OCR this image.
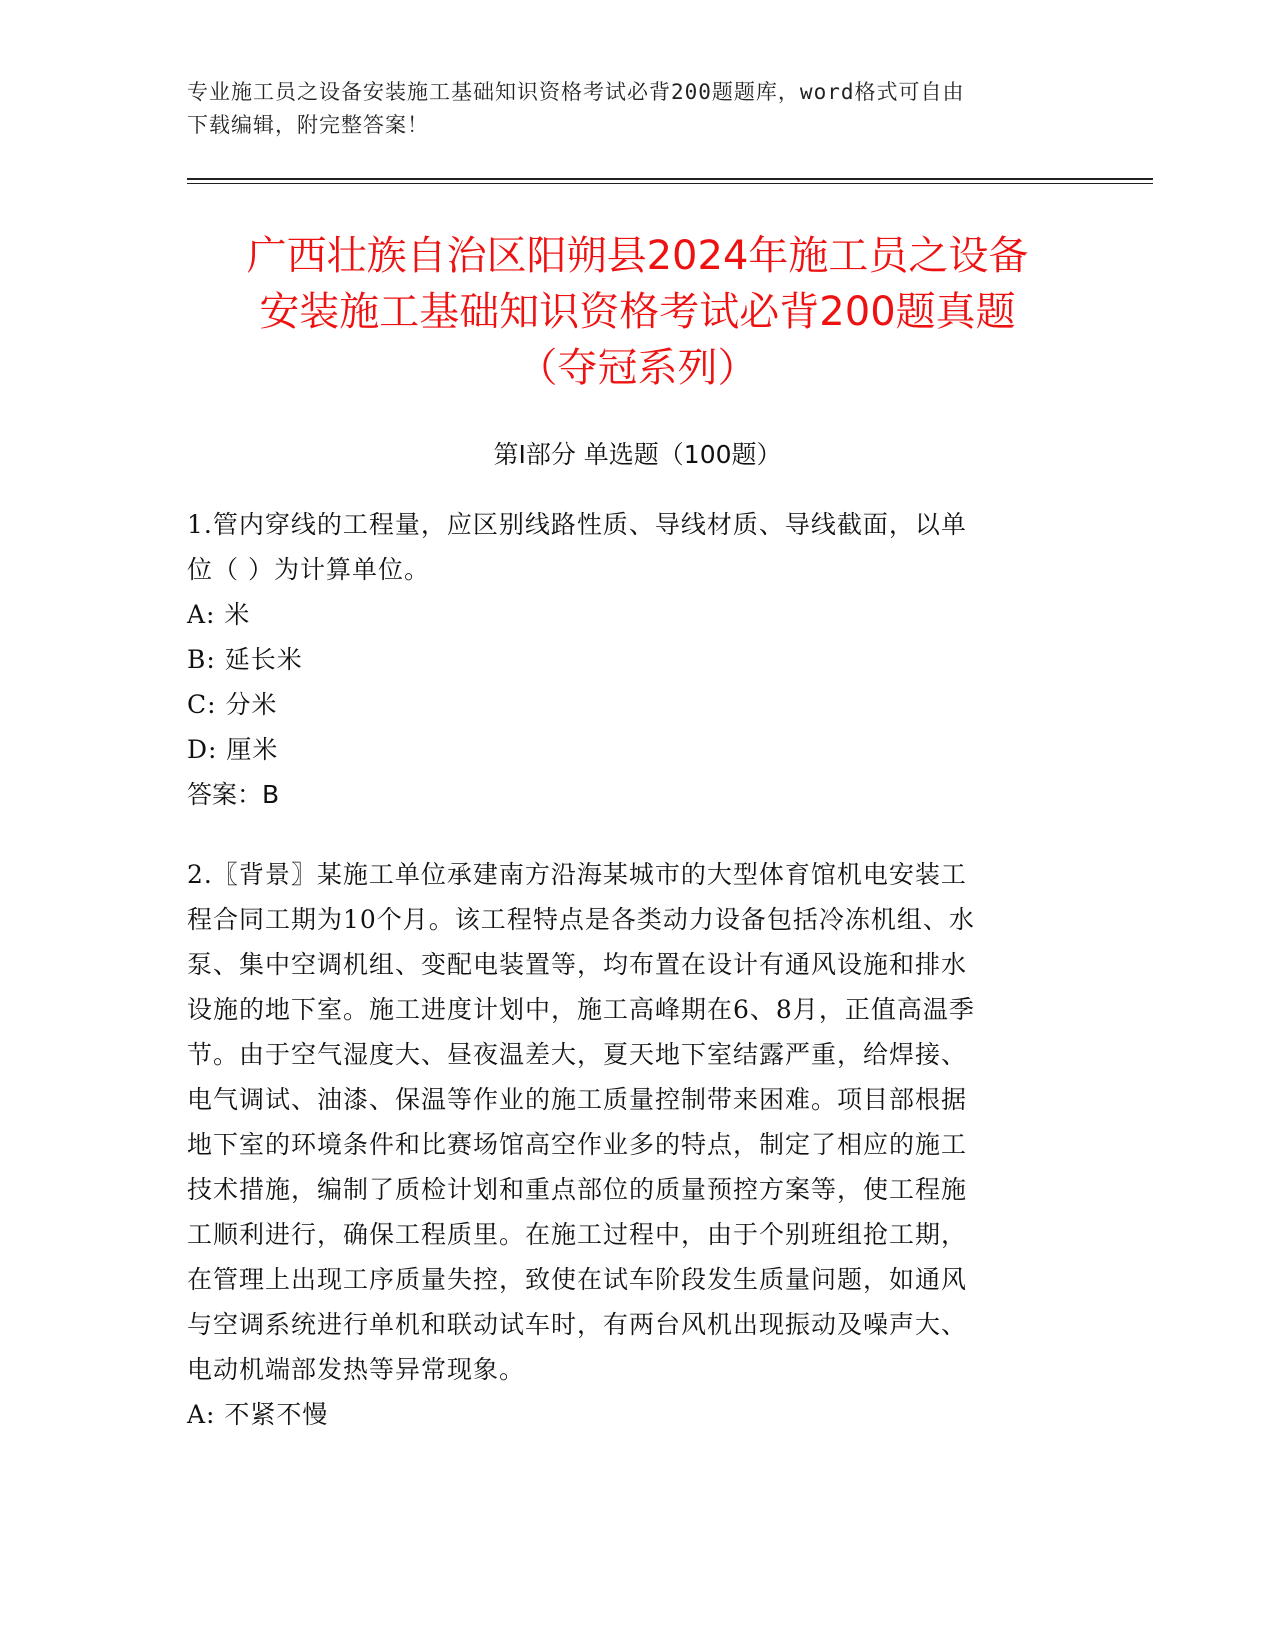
专业施工员之设备安装施工基础知识资格考试必背200题题库，word格式可自由
下载编辑，附完整答案！
广西壮族自治区阳朔县2024年施工员之设备
安装施工基础知识资格考试必背200题真题
（夺冠系列）
第Ⅰ部分 单选题（100题）
1.管内穿线的工程量，应区别线路性质、导线材质、导线截面，以单
位（ ）为计算单位。
A: 米
B: 延长米
C: 分米
D: 厘米
答案：B
2.〖背景〗某施工单位承建南方沿海某城市的大型体育馆机电安装工
程合同工期为10个月。该工程特点是各类动力设备包括冷冻机组、水
泵、集中空调机组、变配电装置等，均布置在设计有通风设施和排水
设施的地下室。施工进度计划中，施工高峰期在6、8月，正值高温季
节。由于空气湿度大、昼夜温差大，夏天地下室结露严重，给焊接、
电气调试、油漆、保温等作业的施工质量控制带来困难。项目部根据
地下室的环境条件和比赛场馆高空作业多的特点，制定了相应的施工
技术措施，编制了质检计划和重点部位的质量预控方案等，使工程施
工顺利进行，确保工程质里。在施工过程中，由于个别班组抢工期，
在管理上出现工序质量失控，致使在试车阶段发生质量问题，如通风
与空调系统进行单机和联动试车时，有两台风机出现振动及噪声大、
电动机端部发热等异常现象。
A: 不紧不慢
